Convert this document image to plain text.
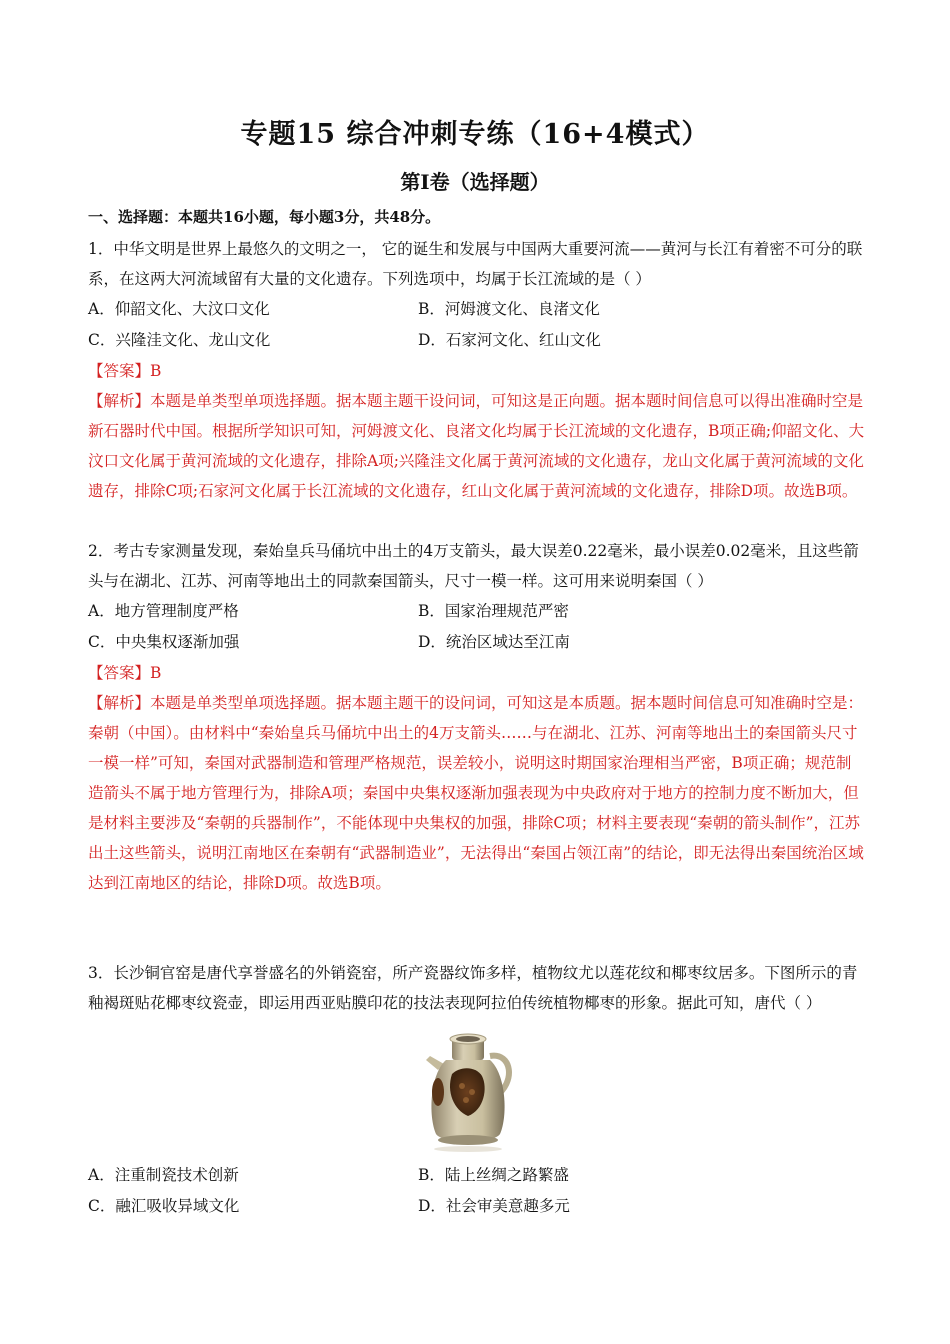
专题15 综合冲刺专练（16+4模式）
第I卷（选择题）
一、选择题：本题共16小题，每小题3分，共48分。
1．中华文明是世界上最悠久的文明之一， 它的诞生和发展与中国两大重要河流——黄河与长江有着密不可分的联系，在这两大河流域留有大量的文化遗存。下列选项中，均属于长江流域的是（ ）
A．仰韶文化、大汶口文化	B．河姆渡文化、良渚文化
C．兴隆洼文化、龙山文化	D．石家河文化、红山文化
【答案】B
【解析】本题是单类型单项选择题。据本题主题干设问词，可知这是正向题。据本题时间信息可以得出准确时空是新石器时代中国。根据所学知识可知，河姆渡文化、良渚文化均属于长江流域的文化遗存，B项正确;仰韶文化、大汶口文化属于黄河流域的文化遗存，排除A项;兴隆洼文化属于黄河流域的文化遗存，龙山文化属于黄河流域的文化遗存，排除C项;石家河文化属于长江流域的文化遗存，红山文化属于黄河流域的文化遗存，排除D项。故选B项。
2．考古专家测量发现，秦始皇兵马俑坑中出土的4万支箭头，最大误差0.22毫米，最小误差0.02毫米，且这些箭头与在湖北、江苏、河南等地出土的同款秦国箭头，尺寸一模一样。这可用来说明秦国（ ）
A．地方管理制度严格	B．国家治理规范严密
C．中央集权逐渐加强	D．统治区域达至江南
【答案】B
【解析】本题是单类型单项选择题。据本题主题干的设问词，可知这是本质题。据本题时间信息可知准确时空是：秦朝（中国）。由材料中“秦始皇兵马俑坑中出土的4万支箭头……与在湖北、江苏、河南等地出土的秦国箭头尺寸一模一样”可知，秦国对武器制造和管理严格规范，误差较小，说明这时期国家治理相当严密，B项正确；规范制造箭头不属于地方管理行为，排除A项；秦国中央集权逐渐加强表现为中央政府对于地方的控制力度不断加大，但是材料主要涉及“秦朝的兵器制作”，不能体现中央集权的加强，排除C项；材料主要表现“秦朝的箭头制作”，江苏出土这些箭头，说明江南地区在秦朝有“武器制造业”，无法得出“秦国占领江南”的结论，即无法得出秦国统治区域达到江南地区的结论，排除D项。故选B项。
3．长沙铜官窑是唐代享誉盛名的外销瓷窑，所产瓷器纹饰多样，植物纹尤以莲花纹和椰枣纹居多。下图所示的青釉褐斑贴花椰枣纹瓷壶，即运用西亚贴膜印花的技法表现阿拉伯传统植物椰枣的形象。据此可知，唐代（ ）
A．注重制瓷技术创新	B．陆上丝绸之路繁盛
C．融汇吸收异域文化	D．社会审美意趣多元
